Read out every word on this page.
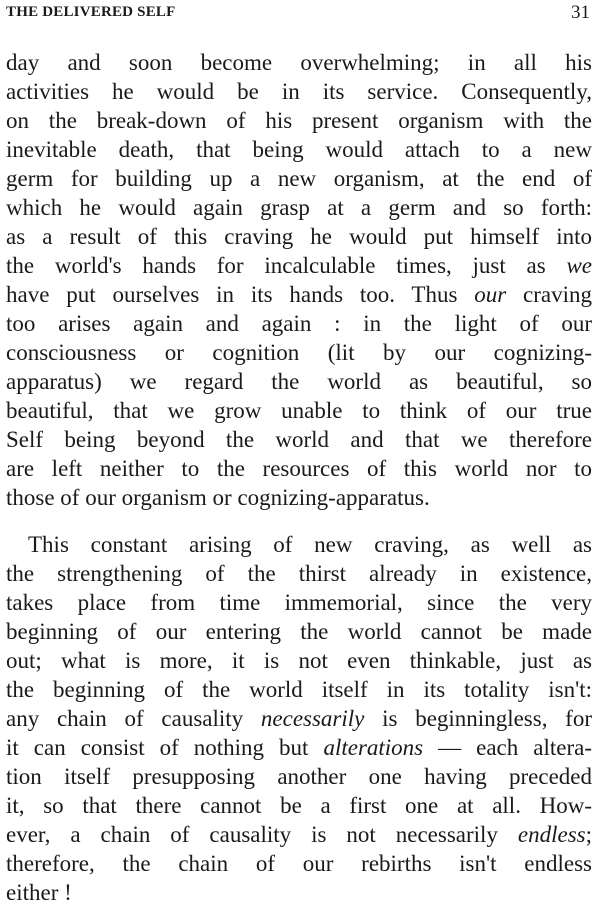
THE DELIVERED SELF	31
day and soon become overwhelming; in all his
activities he would be in its service. Consequently,
on the break-down of his present organism with the
inevitable death, that being would attach to a new
germ for building up a new organism, at the end of
which he would again grasp at a germ and so forth:
as a result of this craving he would put himself into
the world's hands for incalculable times, just as we
have put ourselves in its hands too. Thus our craving
too arises again and again : in the light of our
consciousness or cognition (lit by our cognizing-
apparatus) we regard the world as beautiful, so
beautiful, that we grow unable to think of our true
Self being beyond the world and that we therefore
are left neither to the resources of this world nor to
those of our organism or cognizing-apparatus.
This constant arising of new craving, as well as
the strengthening of the thirst already in existence,
takes place from time immemorial, since the very
beginning of our entering the world cannot be made
out; what is more, it is not even thinkable, just as
the beginning of the world itself in its totality isn't:
any chain of causality necessarily is beginningless, for
it can consist of nothing but alterations — each altera-
tion itself presupposing another one having preceded
it, so that there cannot be a first one at all. How-
ever, a chain of causality is not necessarily endless;
therefore, the chain of our rebirths isn't endless
either !
